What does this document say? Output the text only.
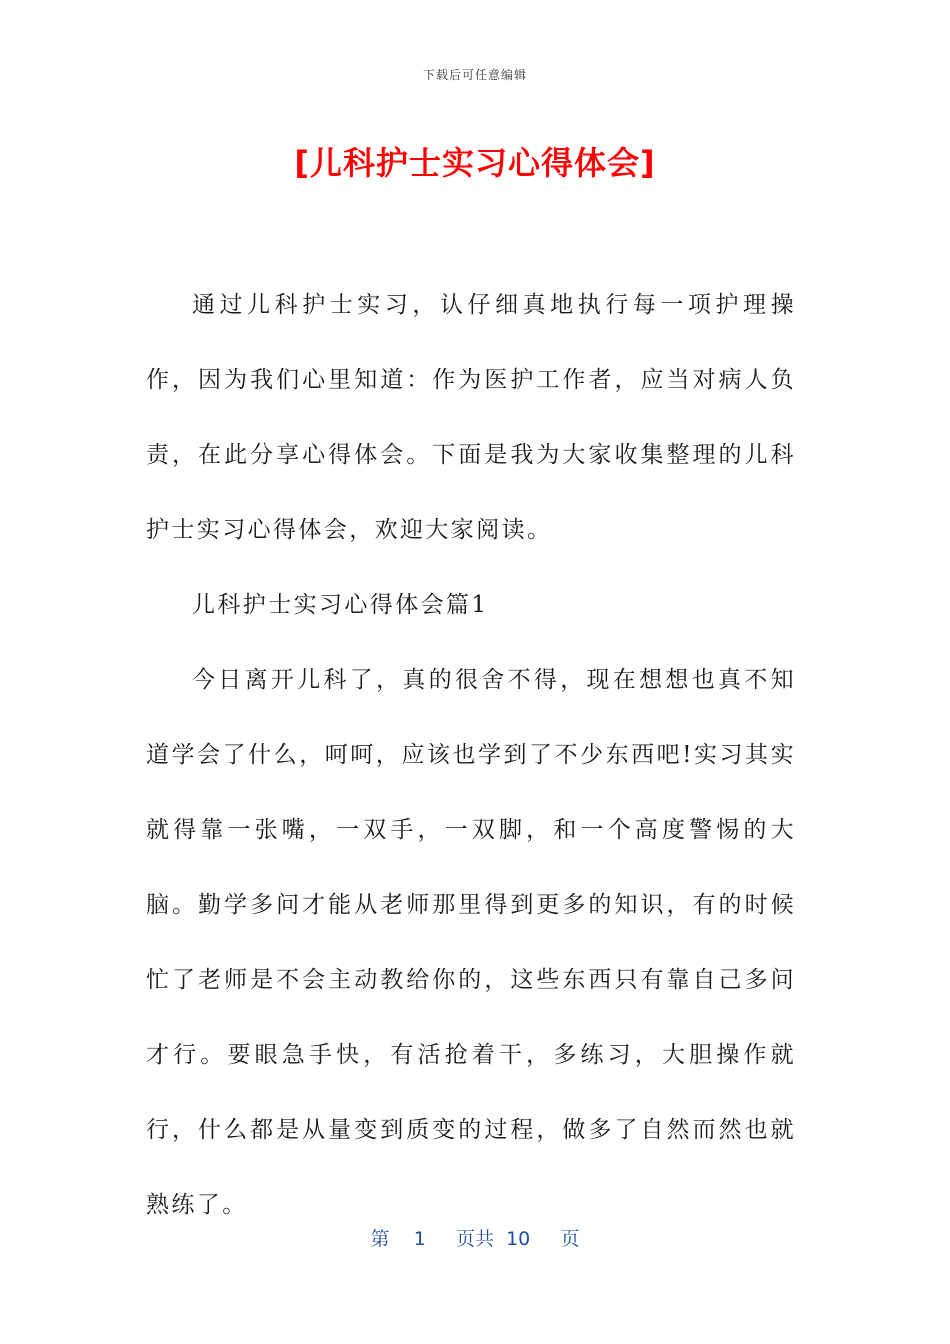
下载后可任意编辑
[儿科护士实习心得体会]

通过儿科护士实习，认仔细真地执行每一项护理操作，因为我们心里知道：作为医护工作者，应当对病人负责，在此分享心得体会。下面是我为大家收集整理的儿科护士实习心得体会，欢迎大家阅读。

儿科护士实习心得体会篇1

今日离开儿科了，真的很舍不得，现在想想也真不知道学会了什么，呵呵，应该也学到了不少东西吧!实习其实就得靠一张嘴，一双手，一双脚，和一个高度警惕的大脑。勤学多问才能从老师那里得到更多的知识，有的时候忙了老师是不会主动教给你的，这些东西只有靠自己多问才行。要眼急手快，有活抢着干，多练习，大胆操作就行，什么都是从量变到质变的过程，做多了自然而然也就熟练了。

第 1 页共 10 页
